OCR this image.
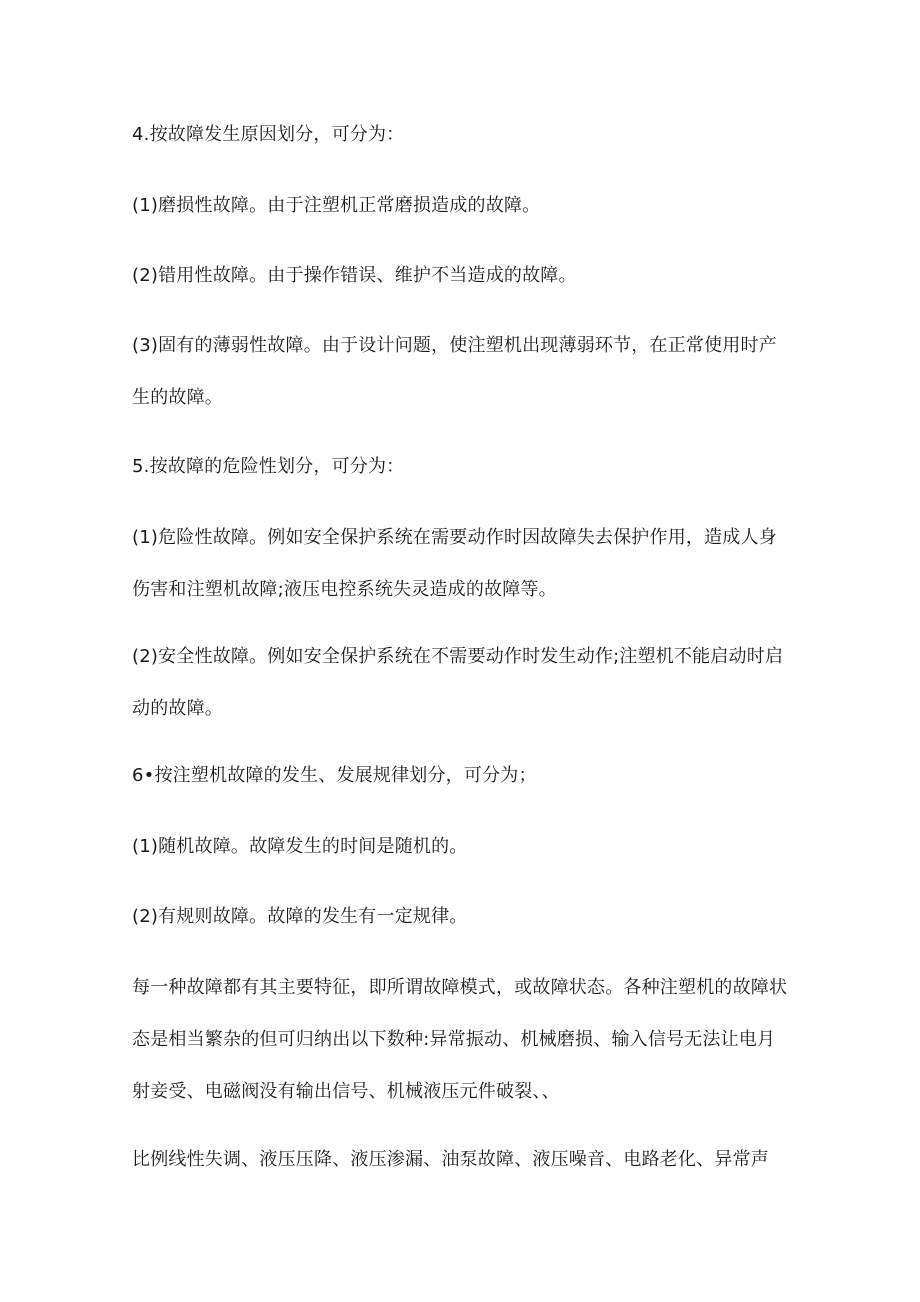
4.按故障发生原因划分，可分为：

(1)磨损性故障。由于注塑机正常磨损造成的故障。

(2)错用性故障。由于操作错误、维护不当造成的故障。

(3)固有的薄弱性故障。由于设计问题，使注塑机出现薄弱环节，在正常使用时产
生的故障。

5.按故障的危险性划分，可分为：

(1)危险性故障。例如安全保护系统在需要动作时因故障失去保护作用，造成人身
伤害和注塑机故障;液压电控系统失灵造成的故障等。

(2)安全性故障。例如安全保护系统在不需要动作时发生动作;注塑机不能启动时启
动的故障。

6•按注塑机故障的发生、发展规律划分，可分为；

(1)随机故障。故障发生的时间是随机的。

(2)有规则故障。故障的发生有一定规律。

每一种故障都有其主要特征，即所谓故障模式，或故障状态。各种注塑机的故障状
态是相当繁杂的但可归纳出以下数种:异常振动、机械磨损、输入信号无法让电月
射妾受、电磁阀没有输出信号、机械液压元件破裂、、

比例线性失调、液压压降、液压渗漏、油泵故障、液压噪音、电路老化、异常声
